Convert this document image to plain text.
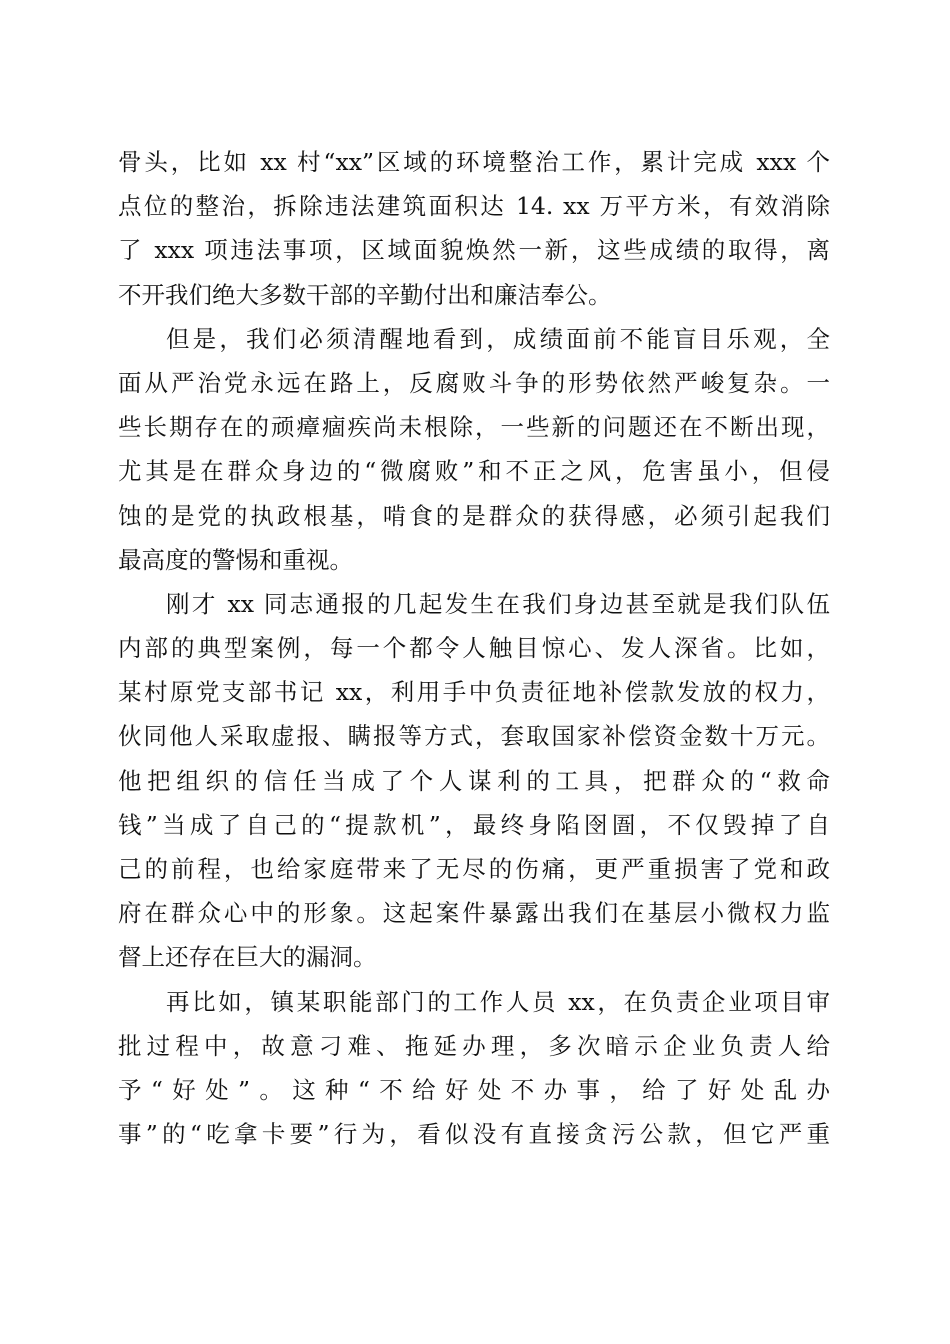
骨头，比如 xx 村“xx”区域的环境整治工作，累计完成 xxx 个
点位的整治，拆除违法建筑面积达 14. xx 万平方米，有效消除
了 xxx 项违法事项，区域面貌焕然一新，这些成绩的取得，离
不开我们绝大多数干部的辛勤付出和廉洁奉公。
但是，我们必须清醒地看到，成绩面前不能盲目乐观，全
面从严治党永远在路上，反腐败斗争的形势依然严峻复杂。一
些长期存在的顽瘴痼疾尚未根除，一些新的问题还在不断出现，
尤其是在群众身边的“微腐败”和不正之风，危害虽小，但侵
蚀的是党的执政根基，啃食的是群众的获得感，必须引起我们
最高度的警惕和重视。
刚才 xx 同志通报的几起发生在我们身边甚至就是我们队伍
内部的典型案例，每一个都令人触目惊心、发人深省。比如，
某村原党支部书记 xx，利用手中负责征地补偿款发放的权力，
伙同他人采取虚报、瞒报等方式，套取国家补偿资金数十万元。
他把组织的信任当成了个人谋利的工具，把群众的“救命
钱”当成了自己的“提款机”，最终身陷囹圄，不仅毁掉了自
己的前程，也给家庭带来了无尽的伤痛，更严重损害了党和政
府在群众心中的形象。这起案件暴露出我们在基层小微权力监
督上还存在巨大的漏洞。
再比如，镇某职能部门的工作人员 xx，在负责企业项目审
批过程中，故意刁难、拖延办理，多次暗示企业负责人给
予“好处”。这种“不给好处不办事，给了好处乱办
事”的“吃拿卡要”行为，看似没有直接贪污公款，但它严重
